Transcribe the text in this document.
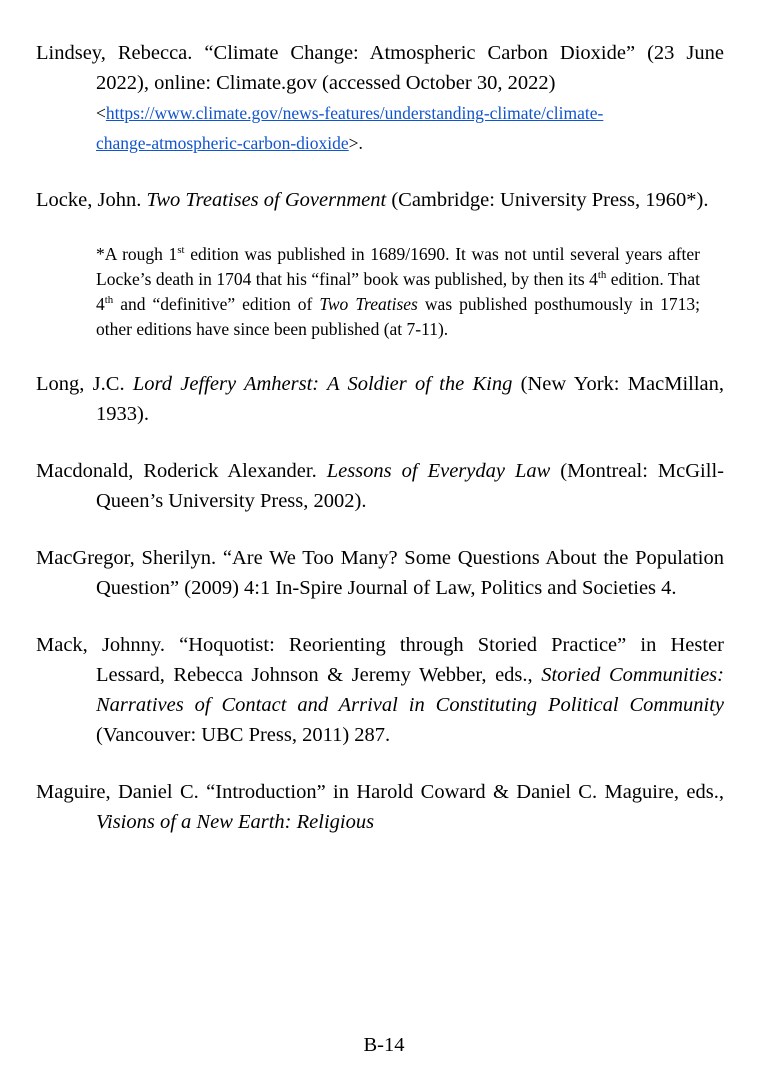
Lindsey, Rebecca. “Climate Change: Atmospheric Carbon Dioxide” (23 June 2022), online: Climate.gov (accessed October 30, 2022)
<https://www.climate.gov/news-features/understanding-climate/climate-
change-atmospheric-carbon-dioxide>.

Locke, John. Two Treatises of Government (Cambridge: University Press, 1960*).

*A rough 1st edition was published in 1689/1690. It was not until several years after Locke’s death in 1704 that his “final” book was published, by then its 4th edition. That 4th and “definitive” edition of Two Treatises was published posthumously in 1713; other editions have since been published (at 7-11).

Long, J.C. Lord Jeffery Amherst: A Soldier of the King (New York: MacMillan, 1933).

Macdonald, Roderick Alexander. Lessons of Everyday Law (Montreal: McGill-Queen’s University Press, 2002).

MacGregor, Sherilyn. “Are We Too Many? Some Questions About the Population Question” (2009) 4:1 In-Spire Journal of Law, Politics and Societies 4.

Mack, Johnny. “Hoquotist: Reorienting through Storied Practice” in Hester Lessard, Rebecca Johnson & Jeremy Webber, eds., Storied Communities: Narratives of Contact and Arrival in Constituting Political Community (Vancouver: UBC Press, 2011) 287.

Maguire, Daniel C. “Introduction” in Harold Coward & Daniel C. Maguire, eds., Visions of a New Earth: Religious

B-14
